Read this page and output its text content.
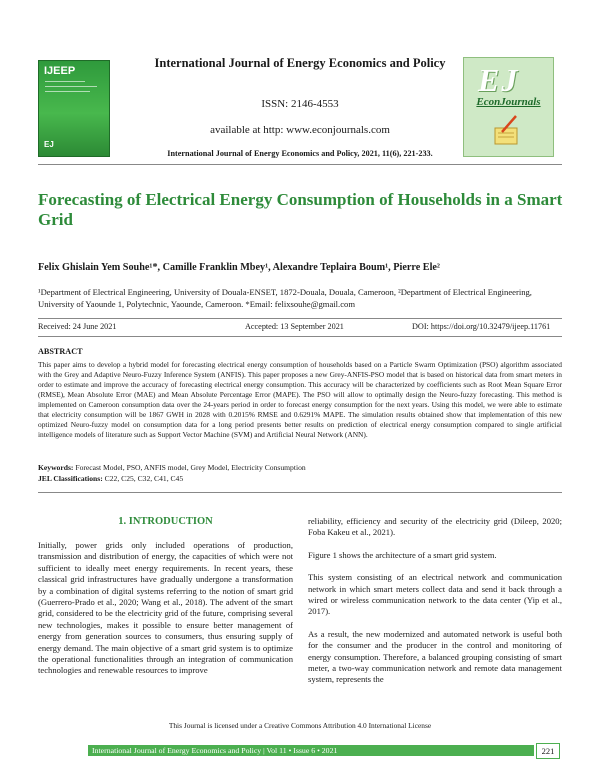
IJEEP
EJ
International Journal of Energy Economics and Policy
ISSN: 2146-4553
available at http: www.econjournals.com
International Journal of Energy Economics and Policy, 2021, 11(6), 221-233.
EJ
EconJournals
Forecasting of Electrical Energy Consumption of Households in a Smart Grid
Felix Ghislain Yem Souhe¹*, Camille Franklin Mbey¹, Alexandre Teplaira Boum¹, Pierre Ele²
¹Department of Electrical Engineering, University of Douala-ENSET, 1872-Douala, Douala, Cameroon, ²Department of Electrical Engineering, University of Yaounde 1, Polytechnic, Yaounde, Cameroon. *Email: felixsouhe@gmail.com
Received: 24 June 2021	Accepted: 13 September 2021	DOI: https://doi.org/10.32479/ijeep.11761
ABSTRACT
This paper aims to develop a hybrid model for forecasting electrical energy consumption of households based on a Particle Swarm Optimization (PSO) algorithm associated with the Grey and Adaptive Neuro-Fuzzy Inference System (ANFIS). This paper proposes a new Grey-ANFIS-PSO model that is based on historical data from smart meters in order to estimate and improve the accuracy of forecasting electrical energy consumption. This accuracy will be characterized by coefficients such as Root Mean Square Error (RMSE), Mean Absolute Error (MAE) and Mean Absolute Percentage Error (MAPE). The PSO will allow to optimally design the Neuro-fuzzy forecasting. This method is implemented on Cameroon consumption data over the 24-years period in order to forecast energy consumption for the next years. Using this model, we were able to estimate that electricity consumption will be 1867 GWH in 2028 with 0.2015% RMSE and 0.6291% MAPE. The simulation results obtained show that implementation of this new optimized Neuro-fuzzy model on consumption data for a long period presents better results on prediction of electrical energy consumption compared to single artificial intelligence models of literature such as Support Vector Machine (SVM) and Artificial Neural Network (ANN).
Keywords: Forecast Model, PSO, ANFIS model, Grey Model, Electricity Consumption
JEL Classifications: C22, C25, C32, C41, C45
1. INTRODUCTION

Initially, power grids only included operations of production, transmission and distribution of energy, the capacities of which were not sufficient to ideally meet energy requirements. In recent years, these classical grid infrastructures have gradually undergone a transformation by a combination of digital systems referring to the notion of smart grid (Guerrero-Prado et al., 2020; Wang et al., 2018). The advent of the smart grid, considered to be the electricity grid of the future, comprising several new technologies, makes it possible to ensure better management of energy from generation sources to consumers, thus ensuring supply of energy demand. The main objective of a smart grid system is to optimize the operational functionalities through an integration of communication technologies and renewable resources to improve

reliability, efficiency and security of the electricity grid (Dileep, 2020; Foba Kakeu et al., 2021).

Figure 1 shows the architecture of a smart grid system.

This system consisting of an electrical network and communication network in which smart meters collect data and send it back through a wired or wireless communication network to the data center (Yip et al., 2017).

As a result, the new modernized and automated network is useful both for the consumer and the producer in the control and monitoring of energy consumption. Therefore, a balanced grouping consisting of smart meter, a two-way communication network and remote data management system, represents the

This Journal is licensed under a Creative Commons Attribution 4.0 International License
International Journal of Energy Economics and Policy | Vol 11 • Issue 6 • 2021	221
